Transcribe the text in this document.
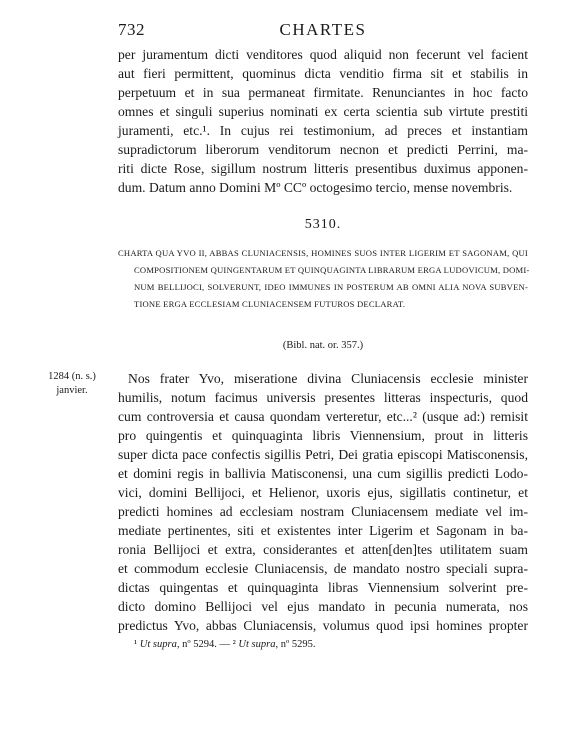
732	CHARTES
per juramentum dicti venditores quod aliquid non fecerunt vel facient
aut fieri permittent, quominus dicta venditio firma sit et stabilis in
perpetuum et in sua permaneat firmitate. Renunciantes in hoc facto
omnes et singuli superius nominati ex certa scientia sub virtute prestiti
juramenti, etc.¹. In cujus rei testimonium, ad preces et instantiam
supradictorum liberorum venditorum necnon et predicti Perrini, ma-
riti dicte Rose, sigillum nostrum litteris presentibus duximus apponen-
dum. Datum anno Domini Mº CCº octogesimo tercio, mense novembris.
5310.
CHARTA QUA YVO II, ABBAS CLUNIACENSIS, HOMINES SUOS INTER LIGERIM ET SAGONAM, QUI
COMPOSITIONEM QUINGENTARUM ET QUINQUAGINTA LIBRARUM ERGA LUDOVICUM, DOMI-
NUM BELLIJOCI, SOLVERUNT, IDEO IMMUNES IN POSTERUM AB OMNI ALIA NOVA SUBVEN-
TIONE ERGA ECCLESIAM CLUNIACENSEM FUTUROS DECLARAT.
(Bibl. nat. or. 357.)
1284 (n. s.)
janvier.
Nos frater Yvo, miseratione divina Cluniacensis ecclesie minister
humilis, notum facimus universis presentes litteras inspecturis, quod
cum controversia et causa quondam verteretur, etc...² (usque ad:) remisit
pro quingentis et quinquaginta libris Viennensium, prout in litteris
super dicta pace confectis sigillis Petri, Dei gratia episcopi Matisconensis,
et domini regis in ballivia Matisconensi, una cum sigillis predicti Lodo-
vici, domini Bellijoci, et Helienor, uxoris ejus, sigillatis continetur, et
predicti homines ad ecclesiam nostram Cluniacensem mediate vel im-
mediate pertinentes, siti et existentes inter Ligerim et Sagonam in ba-
ronia Bellijoci et extra, considerantes et atten[den]tes utilitatem suam
et commodum ecclesie Cluniacensis, de mandato nostro speciali supra-
dictas quingentas et quinquaginta libras Viennensium solverint pre-
dicto domino Bellijoci vel ejus mandato in pecunia numerata, nos
predictus Yvo, abbas Cluniacensis, volumus quod ipsi homines propter
¹ Ut supra, nº 5294. — ² Ut supra, nº 5295.
